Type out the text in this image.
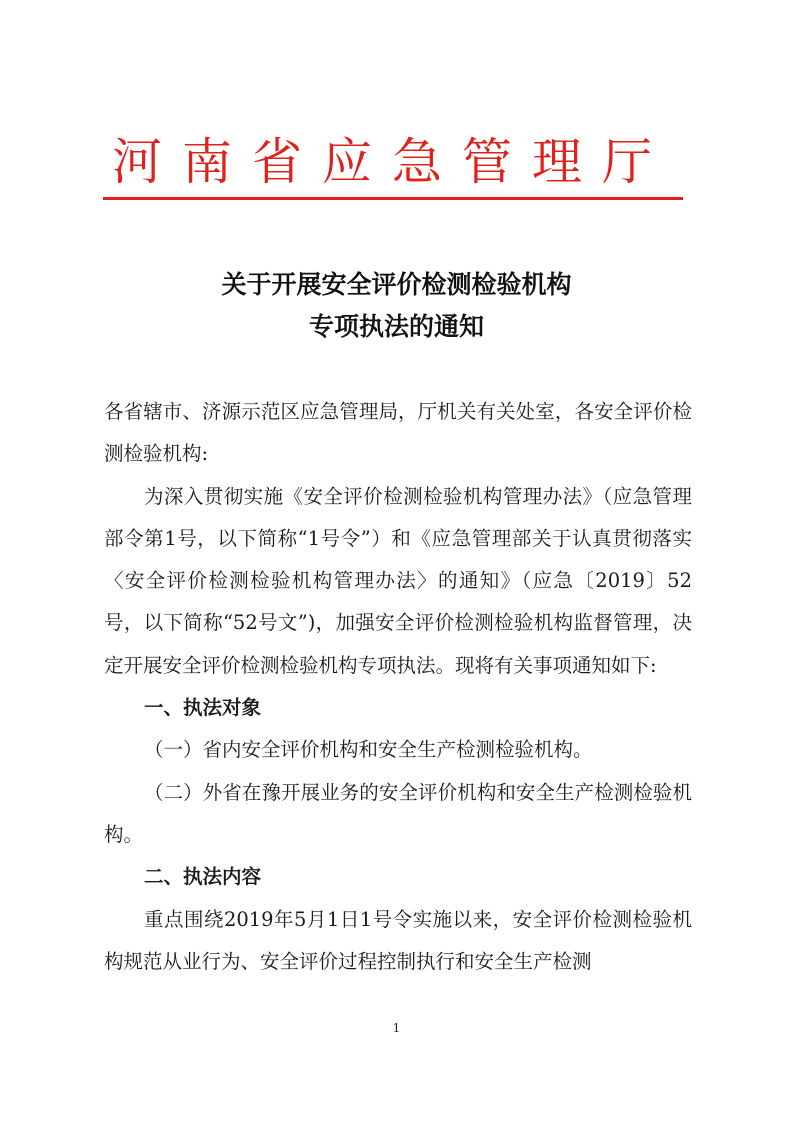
河南省应急管理厅
关于开展安全评价检测检验机构
专项执法的通知

各省辖市、济源示范区应急管理局，厅机关有关处室，各安全评价检测检验机构:

为深入贯彻实施《安全评价检测检验机构管理办法》（应急管理部令第1号，以下简称“1号令”）和《应急管理部关于认真贯彻落实〈安全评价检测检验机构管理办法〉的通知》（应急〔2019〕52号，以下简称“52号文”)，加强安全评价检测检验机构监督管理，决定开展安全评价检测检验机构专项执法。现将有关事项通知如下:

一、执法对象

（一）省内安全评价机构和安全生产检测检验机构。

（二）外省在豫开展业务的安全评价机构和安全生产检测检验机构。

二、执法内容

重点围绕2019年5月1日1号令实施以来，安全评价检测检验机构规范从业行为、安全评价过程控制执行和安全生产检测

1
